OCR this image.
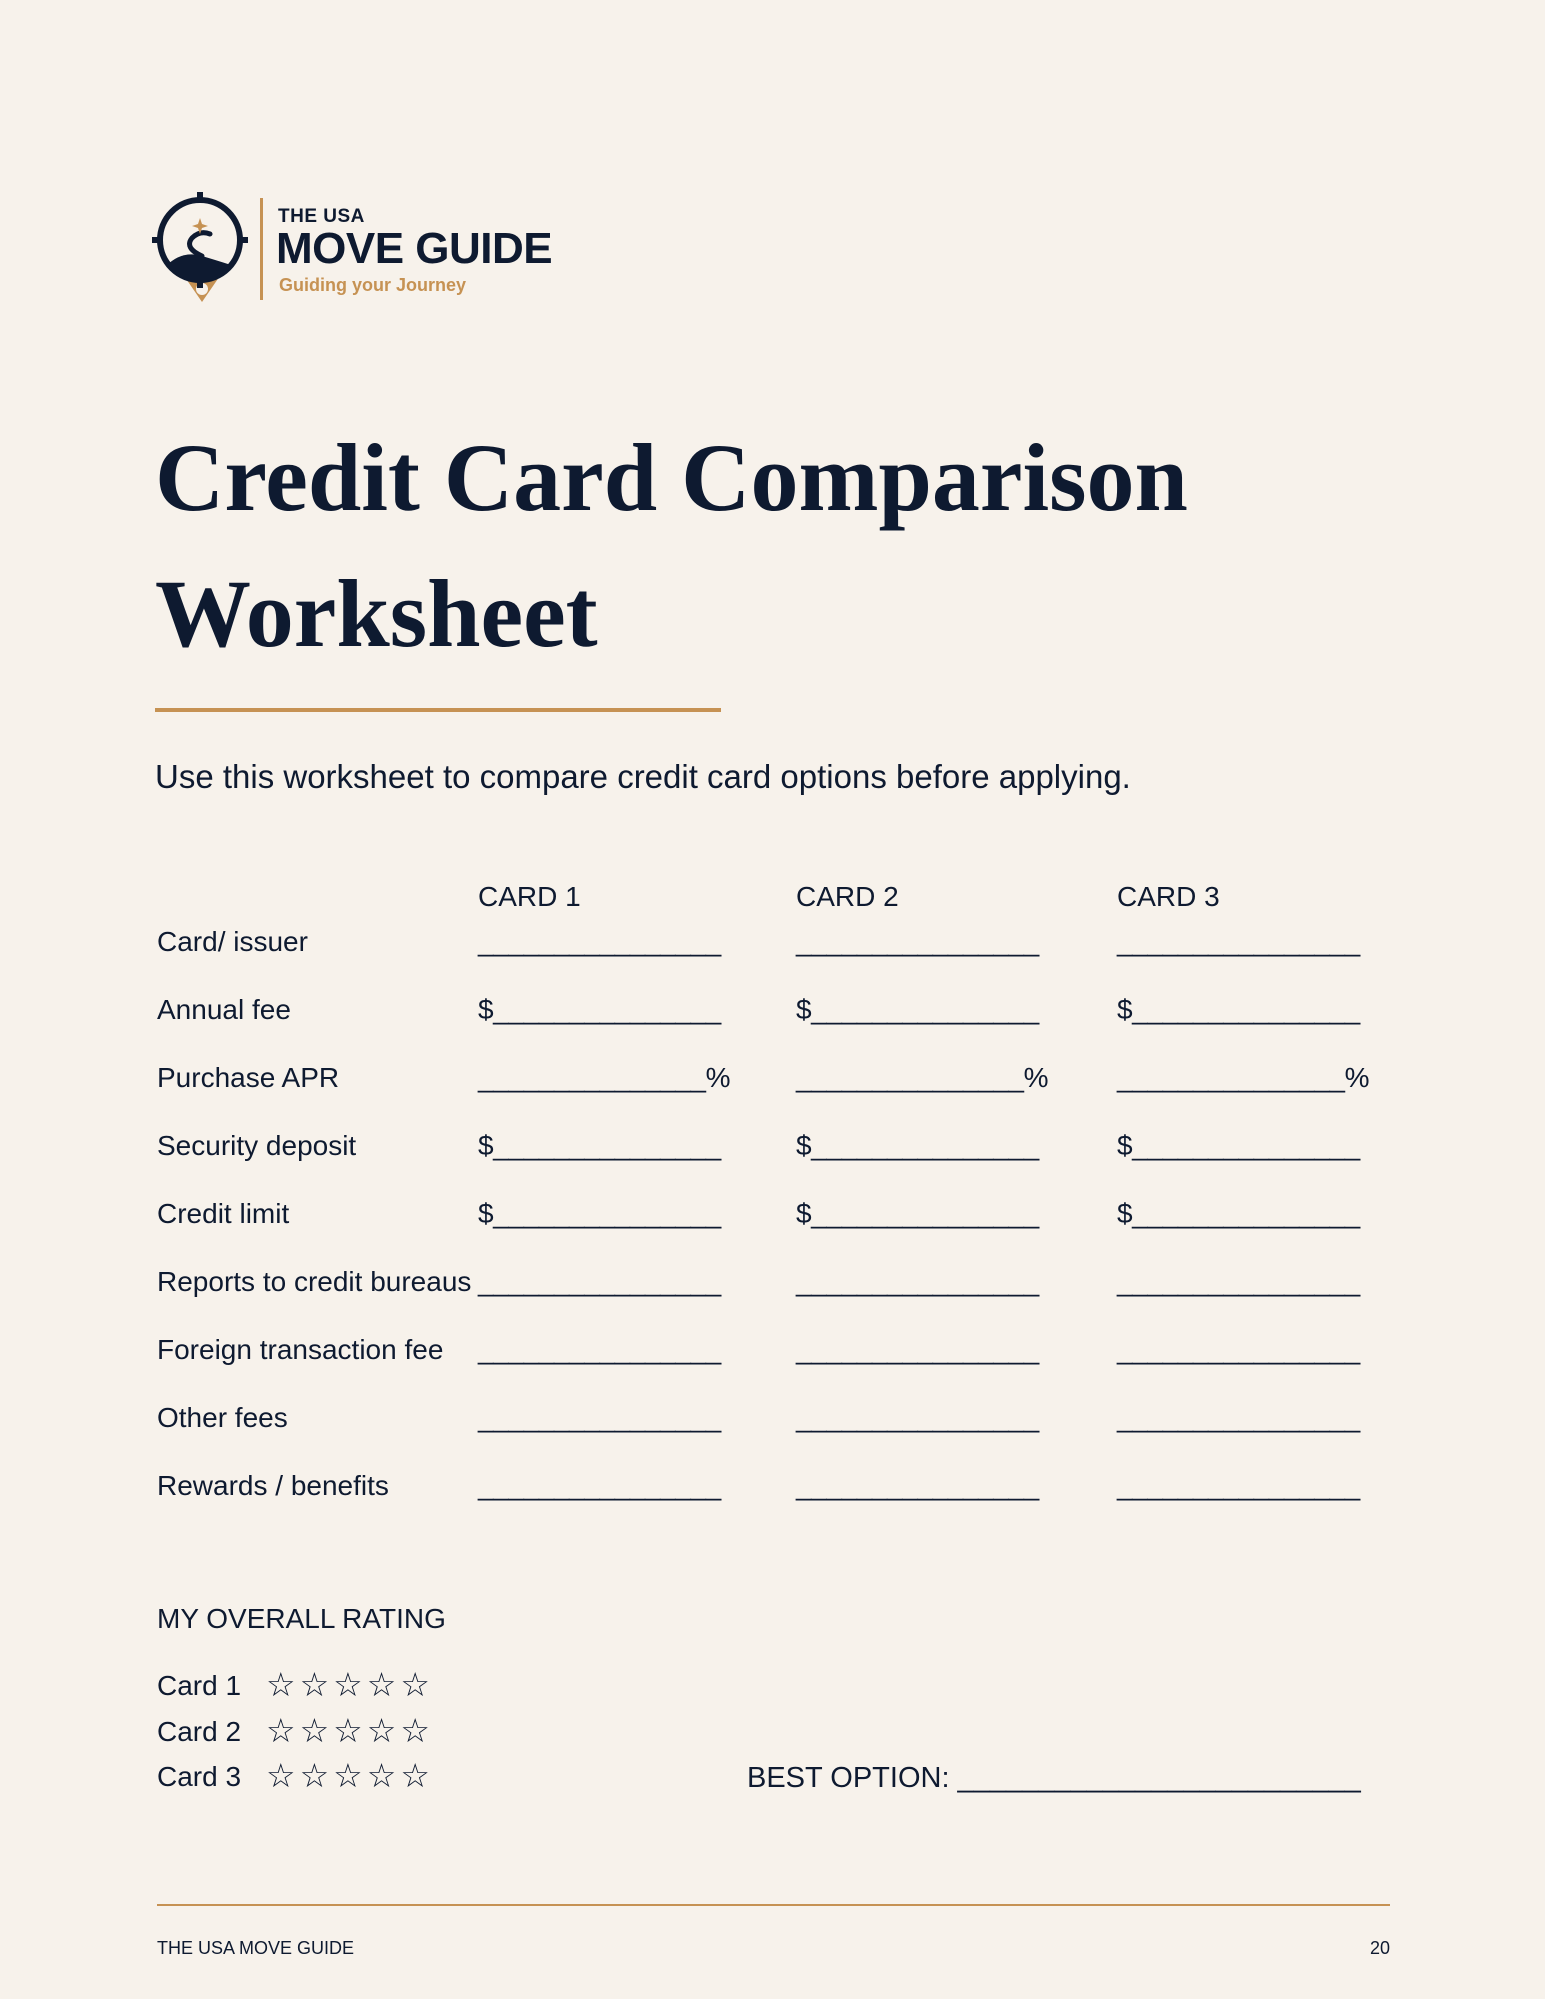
THE USA
MOVE GUIDE
Guiding your Journey
Credit Card Comparison Worksheet
Use this worksheet to compare credit card options before applying.
CARD 1	CARD 2	CARD 3
Card/ issuer	________________	________________	________________
Annual fee	$_______________	$_______________	$_______________
Purchase APR	_______________% _______________% _______________%
Security deposit	$_______________	$_______________	$_______________
Credit limit	$_______________	$_______________	$_______________
Reports to credit bureaus ________________	________________	________________
Foreign transaction fee ________________	________________	________________
Other fees	________________	________________	________________
Rewards / benefits	________________	________________	________________
MY OVERALL RATING
Card 1 ☆☆☆☆☆
Card 2 ☆☆☆☆☆
Card 3 ☆☆☆☆☆	BEST OPTION: _________________________
THE USA MOVE GUIDE	20
